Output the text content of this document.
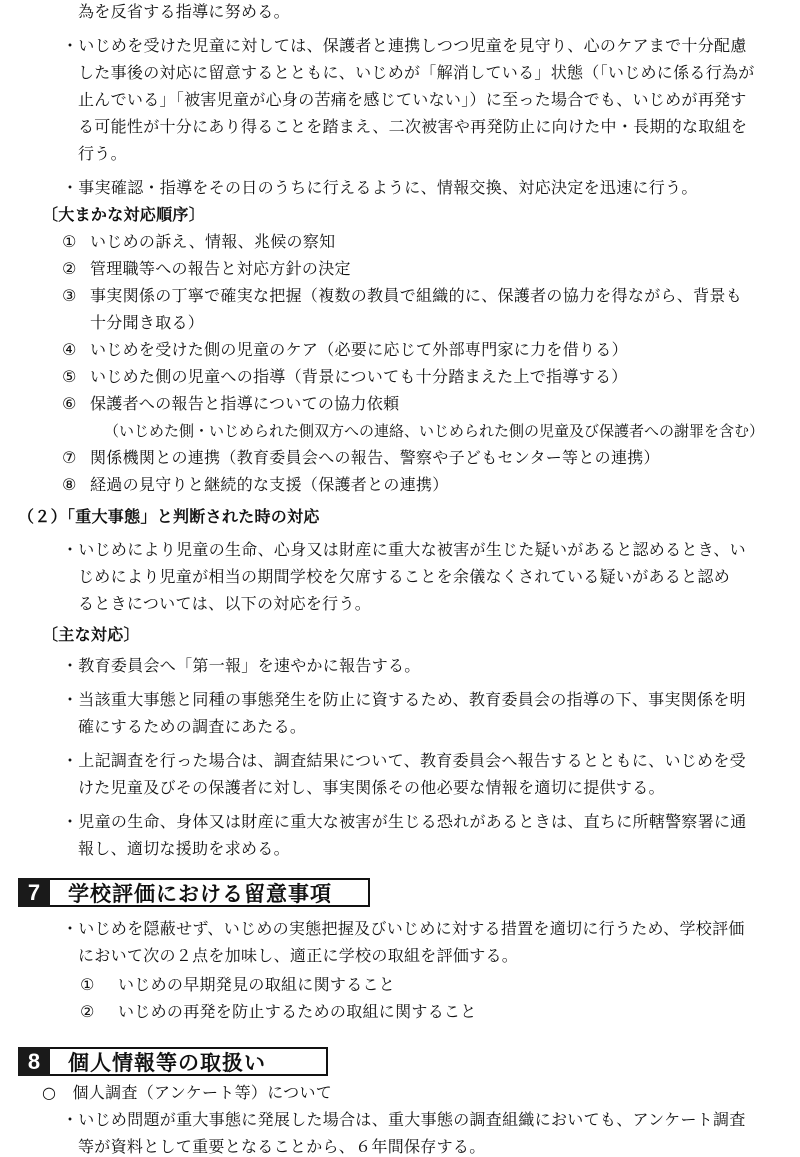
為を反省する指導に努める。
・いじめを受けた児童に対しては、保護者と連携しつつ児童を見守り、心のケアまで十分配慮
した事後の対応に留意するとともに、いじめが「解消している」状態（「いじめに係る行為が
止んでいる」「被害児童が心身の苦痛を感じていない」）に至った場合でも、いじめが再発す
る可能性が十分にあり得ることを踏まえ、二次被害や再発防止に向けた中・長期的な取組を
行う。
・事実確認・指導をその日のうちに行えるように、情報交換、対応決定を迅速に行う。
〔大まかな対応順序〕
① いじめの訴え、情報、兆候の察知
② 管理職等への報告と対応方針の決定
③ 事実関係の丁寧で確実な把握（複数の教員で組織的に、保護者の協力を得ながら、背景も
十分聞き取る）
④ いじめを受けた側の児童のケア（必要に応じて外部専門家に力を借りる）
⑤ いじめた側の児童への指導（背景についても十分踏まえた上で指導する）
⑥ 保護者への報告と指導についての協力依頼
（いじめた側・いじめられた側双方への連絡、いじめられた側の児童及び保護者への謝罪を含む）
⑦ 関係機関との連携（教育委員会への報告、警察や子どもセンター等との連携）
⑧ 経過の見守りと継続的な支援（保護者との連携）
（２）「重大事態」と判断された時の対応
・いじめにより児童の生命、心身又は財産に重大な被害が生じた疑いがあると認めるとき、い
じめにより児童が相当の期間学校を欠席することを余儀なくされている疑いがあると認め
るときについては、以下の対応を行う。
〔主な対応〕
・教育委員会へ「第一報」を速やかに報告する。
・当該重大事態と同種の事態発生を防止に資するため、教育委員会の指導の下、事実関係を明
確にするための調査にあたる。
・上記調査を行った場合は、調査結果について、教育委員会へ報告するとともに、いじめを受
けた児童及びその保護者に対し、事実関係その他必要な情報を適切に提供する。
・児童の生命、身体又は財産に重大な被害が生じる恐れがあるときは、直ちに所轄警察署に通
報し、適切な援助を求める。
7	学校評価における留意事項
・いじめを隠蔽せず、いじめの実態把握及びいじめに対する措置を適切に行うため、学校評価
において次の２点を加味し、適正に学校の取組を評価する。
① いじめの早期発見の取組に関すること
② いじめの再発を防止するための取組に関すること
8	個人情報等の取扱い
○　個人調査（アンケート等）について
・いじめ問題が重大事態に発展した場合は、重大事態の調査組織においても、アンケート調査
等が資料として重要となることから、６年間保存する。
